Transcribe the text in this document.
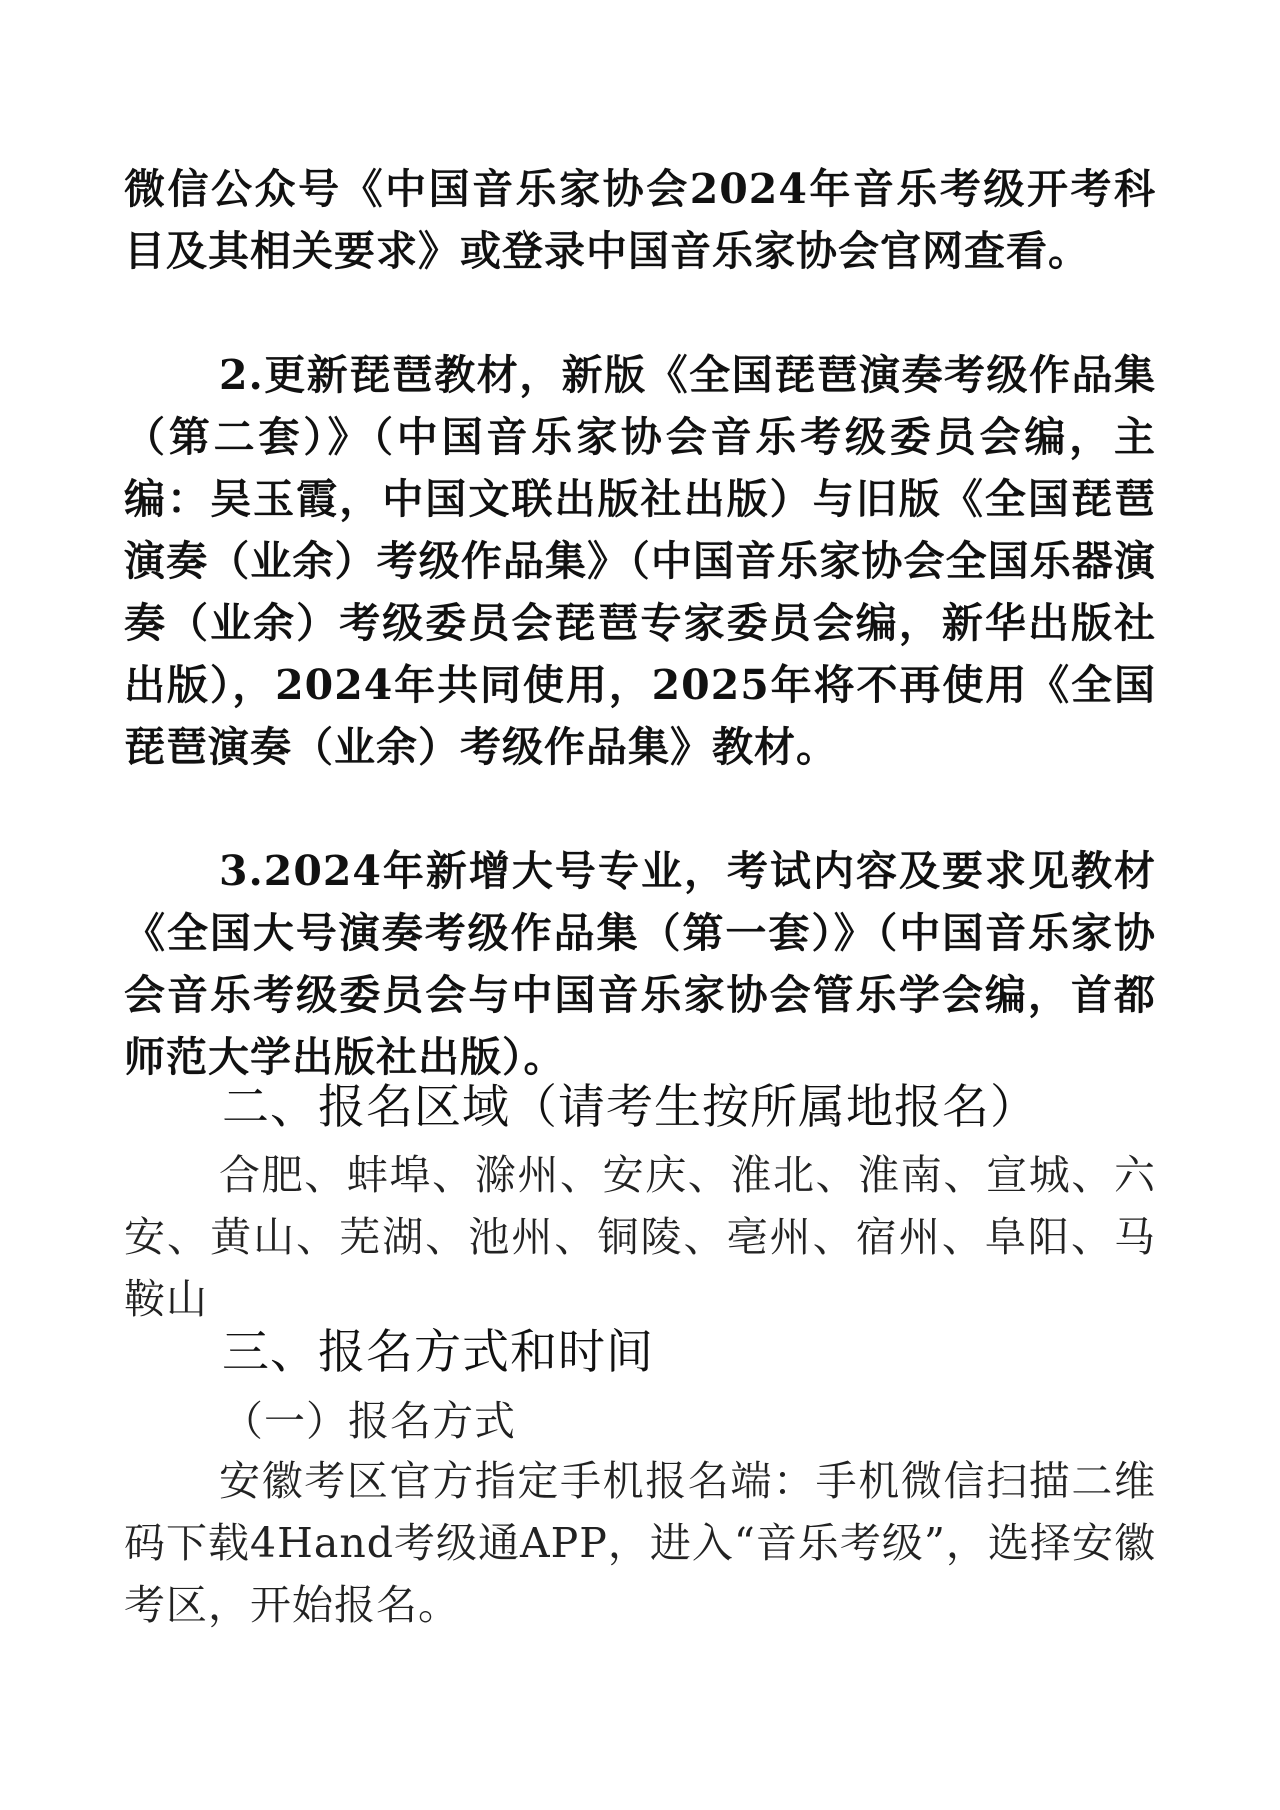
微信公众号《中国音乐家协会2024年音乐考级开考科目及其相关要求》或登录中国音乐家协会官网查看。

2.更新琵琶教材，新版《全国琵琶演奏考级作品集（第二套）》（中国音乐家协会音乐考级委员会编，主编：吴玉霞，中国文联出版社出版）与旧版《全国琵琶演奏（业余）考级作品集》（中国音乐家协会全国乐器演奏（业余）考级委员会琵琶专家委员会编，新华出版社出版），2024年共同使用，2025年将不再使用《全国琵琶演奏（业余）考级作品集》教材。

3.2024年新增大号专业，考试内容及要求见教材《全国大号演奏考级作品集（第一套）》（中国音乐家协会音乐考级委员会与中国音乐家协会管乐学会编，首都师范大学出版社出版）。

二、报名区域（请考生按所属地报名）

合肥、蚌埠、滁州、安庆、淮北、淮南、宣城、六安、黄山、芜湖、池州、铜陵、亳州、宿州、阜阳、马鞍山

三、报名方式和时间

（一）报名方式

安徽考区官方指定手机报名端：手机微信扫描二维码下载4Hand考级通APP，进入“音乐考级”，选择安徽考区，开始报名。
